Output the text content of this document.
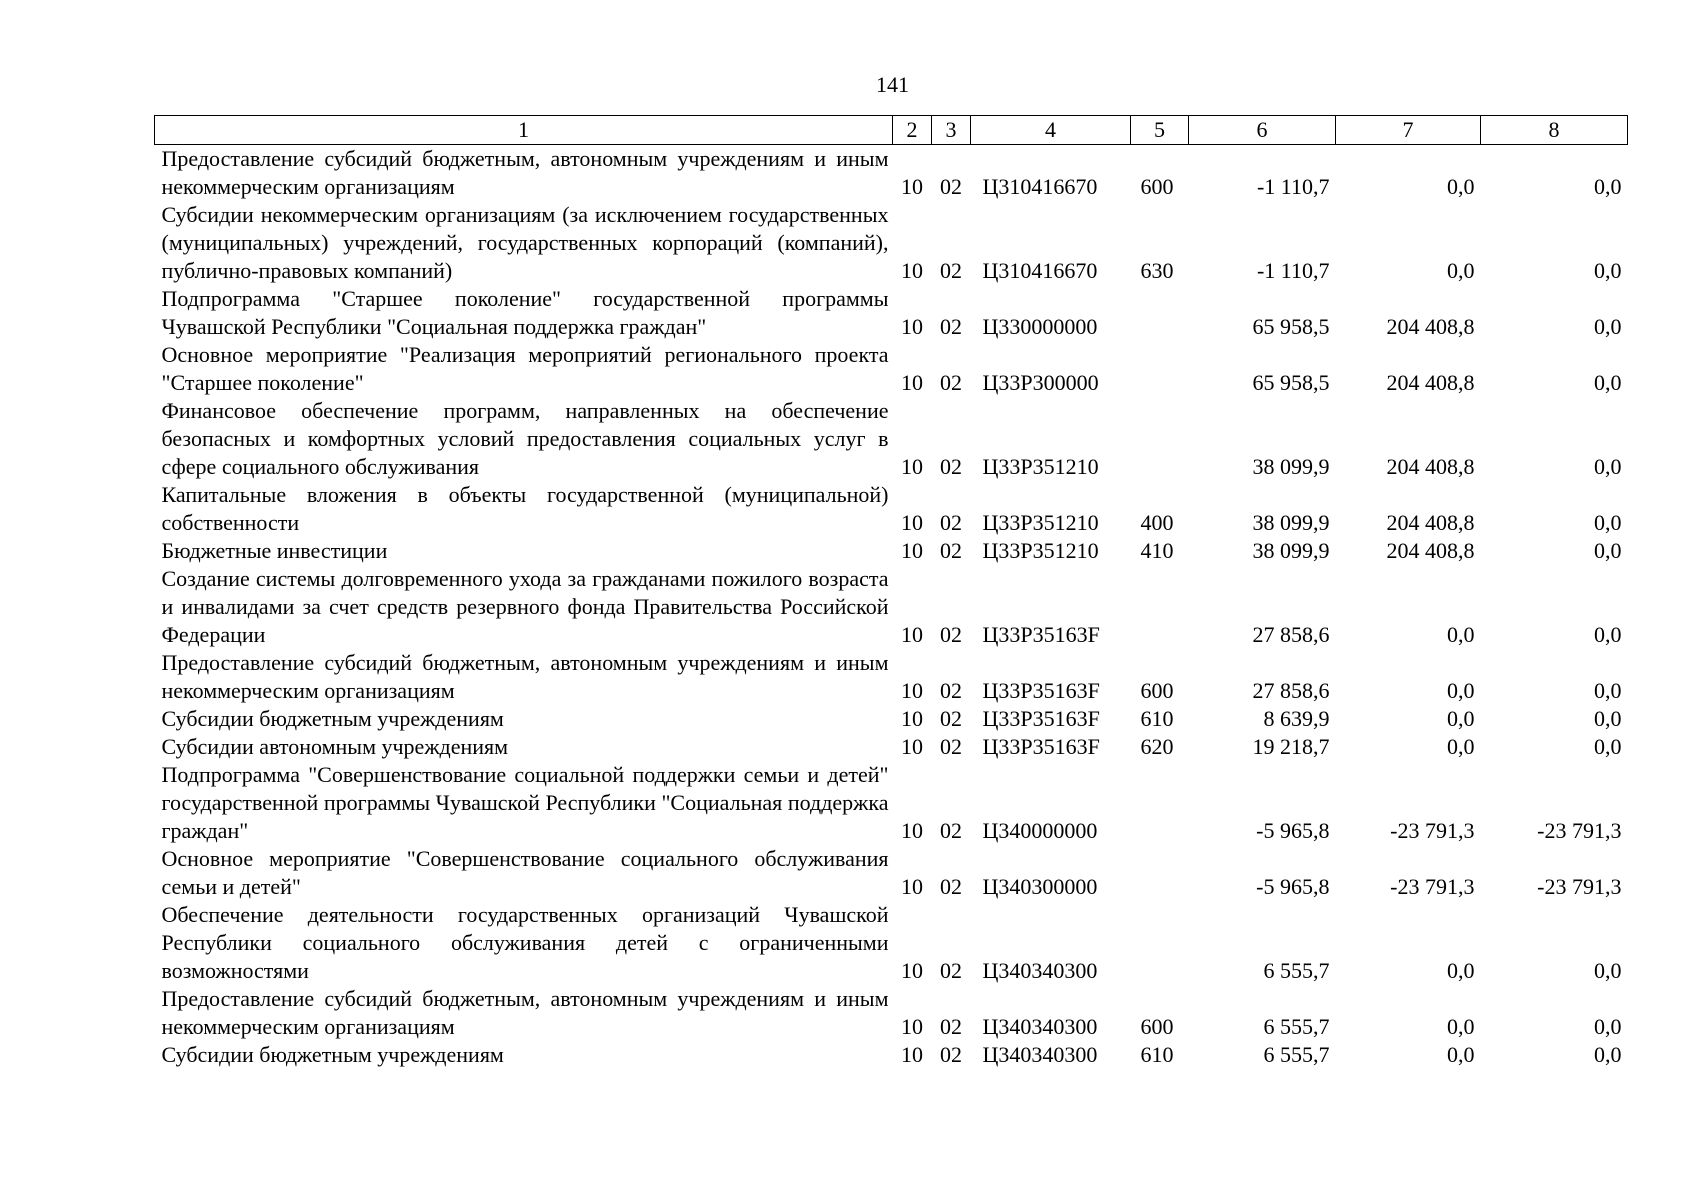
141
1	2	3	4	5	6	7	8
Предоставление субсидий бюджетным, автономным учреждениям и иным некоммерческим организациям	10	02	Ц310416670	600	-1 110,7	0,0	0,0
Субсидии некоммерческим организациям (за исключением государственных (муниципальных) учреждений, государственных корпораций (компаний), публично-правовых компаний)	10	02	Ц310416670	630	-1 110,7	0,0	0,0
Подпрограмма "Старшее поколение" государственной программы Чувашской Республики "Социальная поддержка граждан"	10	02	Ц330000000		65 958,5	204 408,8	0,0
Основное мероприятие "Реализация мероприятий регионального проекта "Старшее поколение"	10	02	Ц33Р300000		65 958,5	204 408,8	0,0
Финансовое обеспечение программ, направленных на обеспечение безопасных и комфортных условий предоставления социальных услуг в сфере социального обслуживания	10	02	Ц33Р351210		38 099,9	204 408,8	0,0
Капитальные вложения в объекты государственной (муниципальной) собственности	10	02	Ц33Р351210	400	38 099,9	204 408,8	0,0
Бюджетные инвестиции	10	02	Ц33Р351210	410	38 099,9	204 408,8	0,0
Создание системы долговременного ухода за гражданами пожилого возраста и инвалидами за счет средств резервного фонда Правительства Российской Федерации	10	02	Ц33Р35163F		27 858,6	0,0	0,0
Предоставление субсидий бюджетным, автономным учреждениям и иным некоммерческим организациям	10	02	Ц33Р35163F	600	27 858,6	0,0	0,0
Субсидии бюджетным учреждениям	10	02	Ц33Р35163F	610	8 639,9	0,0	0,0
Субсидии автономным учреждениям	10	02	Ц33Р35163F	620	19 218,7	0,0	0,0
Подпрограмма "Совершенствование социальной поддержки семьи и детей" государственной программы Чувашской Республики "Социальная поддержка граждан"	10	02	Ц340000000		-5 965,8	-23 791,3	-23 791,3
Основное мероприятие "Совершенствование социального обслуживания семьи и детей"	10	02	Ц340300000		-5 965,8	-23 791,3	-23 791,3
Обеспечение деятельности государственных организаций Чувашской Республики социального обслуживания детей с ограниченными возможностями	10	02	Ц340340300		6 555,7	0,0	0,0
Предоставление субсидий бюджетным, автономным учреждениям и иным некоммерческим организациям	10	02	Ц340340300	600	6 555,7	0,0	0,0
Субсидии бюджетным учреждениям	10	02	Ц340340300	610	6 555,7	0,0	0,0
